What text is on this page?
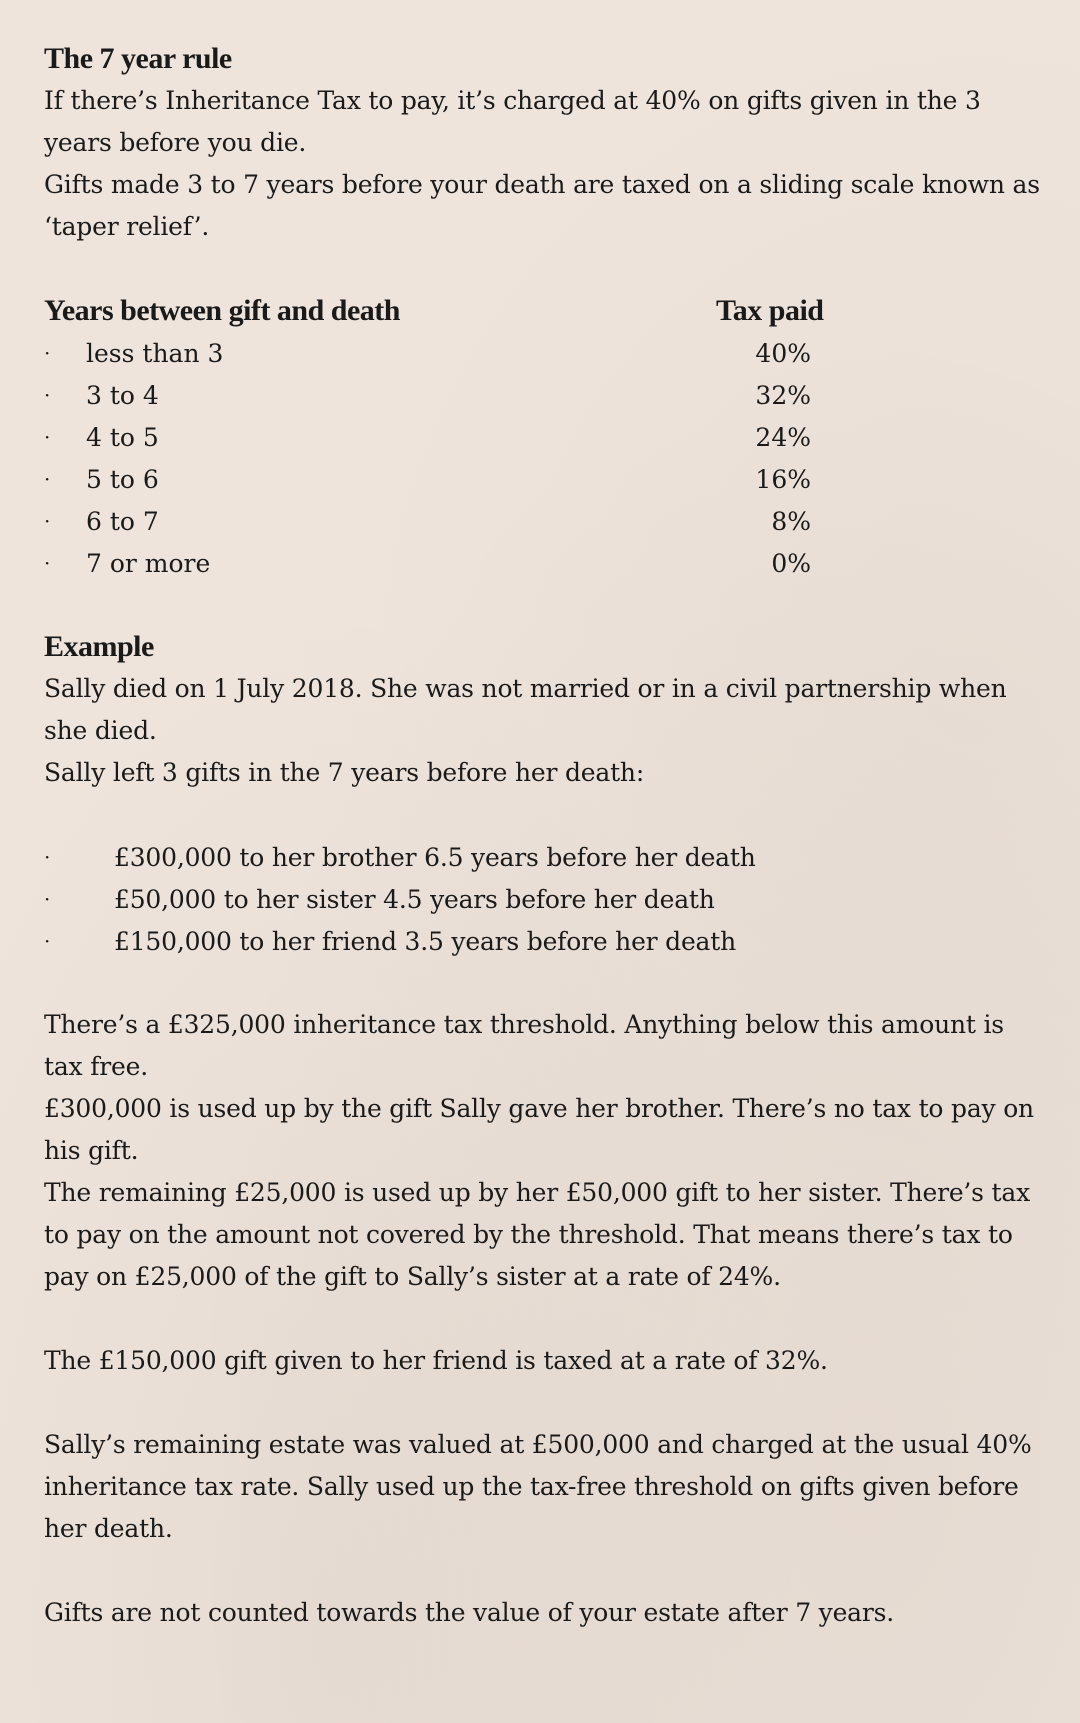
The 7 year rule

If there’s Inheritance Tax to pay, it’s charged at 40% on gifts given in the 3 years before you die.

Gifts made 3 to 7 years before your death are taxed on a sliding scale known as ‘taper relief’.

Years between gift and death	Tax paid
·	less than 3	40%
·	3 to 4	32%
·	4 to 5	24%
·	5 to 6	16%
·	6 to 7	8%
·	7 or more	0%
Example

Sally died on 1 July 2018. She was not married or in a civil partnership when she died.

Sally left 3 gifts in the 7 years before her death:

·	£300,000 to her brother 6.5 years before her death
·	£50,000 to her sister 4.5 years before her death
·	£150,000 to her friend 3.5 years before her death

There’s a £325,000 inheritance tax threshold. Anything below this amount is tax free.

£300,000 is used up by the gift Sally gave her brother. There’s no tax to pay on his gift.

The remaining £25,000 is used up by her £50,000 gift to her sister. There’s tax to pay on the amount not covered by the threshold. That means there’s tax to pay on £25,000 of the gift to Sally’s sister at a rate of 24%.

The £150,000 gift given to her friend is taxed at a rate of 32%.

Sally’s remaining estate was valued at £500,000 and charged at the usual 40% inheritance tax rate. Sally used up the tax-free threshold on gifts given before her death.

Gifts are not counted towards the value of your estate after 7 years.
